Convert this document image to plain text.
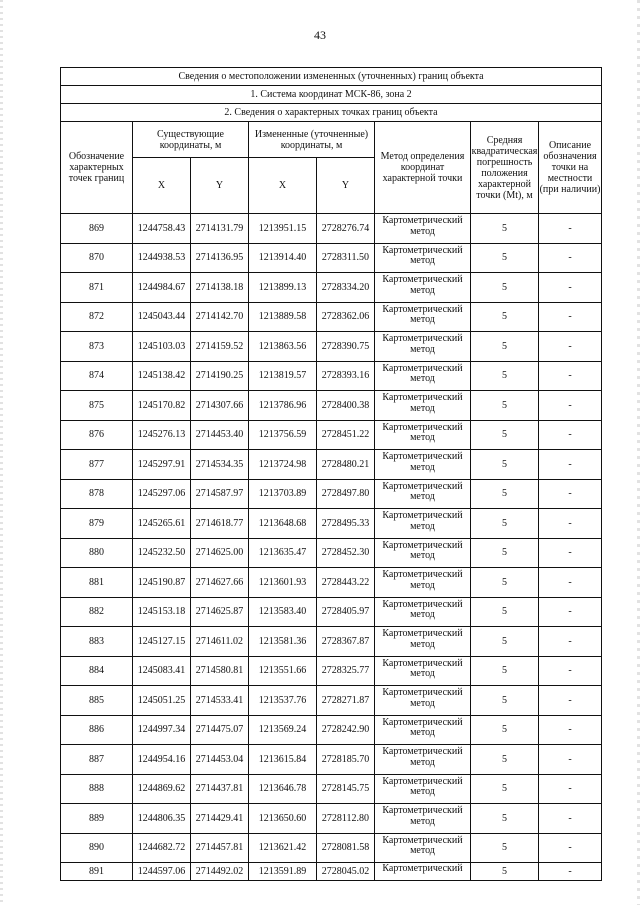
43
Сведения о местоположении измененных (уточненных) границ объекта							
1. Система координат МСК-86, зона 2							
2. Сведения о характерных точках границ объекта							
Обозначение характерных точек границ	Существующие координаты, м		Измененные (уточненные) координаты, м		Метод определения координат характерной точки	Средняя квадратическая погрешность положения характерной точки (Mt), м	Описание обозначения точки на местности (при наличии)
	X	Y	X	Y			
869	1244758.43	2714131.79	1213951.15	2728276.74	Картометрический метод	5	-
870	1244938.53	2714136.95	1213914.40	2728311.50	Картометрический метод	5	-
871	1244984.67	2714138.18	1213899.13	2728334.20	Картометрический метод	5	-
872	1245043.44	2714142.70	1213889.58	2728362.06	Картометрический метод	5	-
873	1245103.03	2714159.52	1213863.56	2728390.75	Картометрический метод	5	-
874	1245138.42	2714190.25	1213819.57	2728393.16	Картометрический метод	5	-
875	1245170.82	2714307.66	1213786.96	2728400.38	Картометрический метод	5	-
876	1245276.13	2714453.40	1213756.59	2728451.22	Картометрический метод	5	-
877	1245297.91	2714534.35	1213724.98	2728480.21	Картометрический метод	5	-
878	1245297.06	2714587.97	1213703.89	2728497.80	Картометрический метод	5	-
879	1245265.61	2714618.77	1213648.68	2728495.33	Картометрический метод	5	-
880	1245232.50	2714625.00	1213635.47	2728452.30	Картометрический метод	5	-
881	1245190.87	2714627.66	1213601.93	2728443.22	Картометрический метод	5	-
882	1245153.18	2714625.87	1213583.40	2728405.97	Картометрический метод	5	-
883	1245127.15	2714611.02	1213581.36	2728367.87	Картометрический метод	5	-
884	1245083.41	2714580.81	1213551.66	2728325.77	Картометрический метод	5	-
885	1245051.25	2714533.41	1213537.76	2728271.87	Картометрический метод	5	-
886	1244997.34	2714475.07	1213569.24	2728242.90	Картометрический метод	5	-
887	1244954.16	2714453.04	1213615.84	2728185.70	Картометрический метод	5	-
888	1244869.62	2714437.81	1213646.78	2728145.75	Картометрический метод	5	-
889	1244806.35	2714429.41	1213650.60	2728112.80	Картометрический метод	5	-
890	1244682.72	2714457.81	1213621.42	2728081.58	Картометрический метод	5	-
891	1244597.06	2714492.02	1213591.89	2728045.02	Картометрический	5	-
